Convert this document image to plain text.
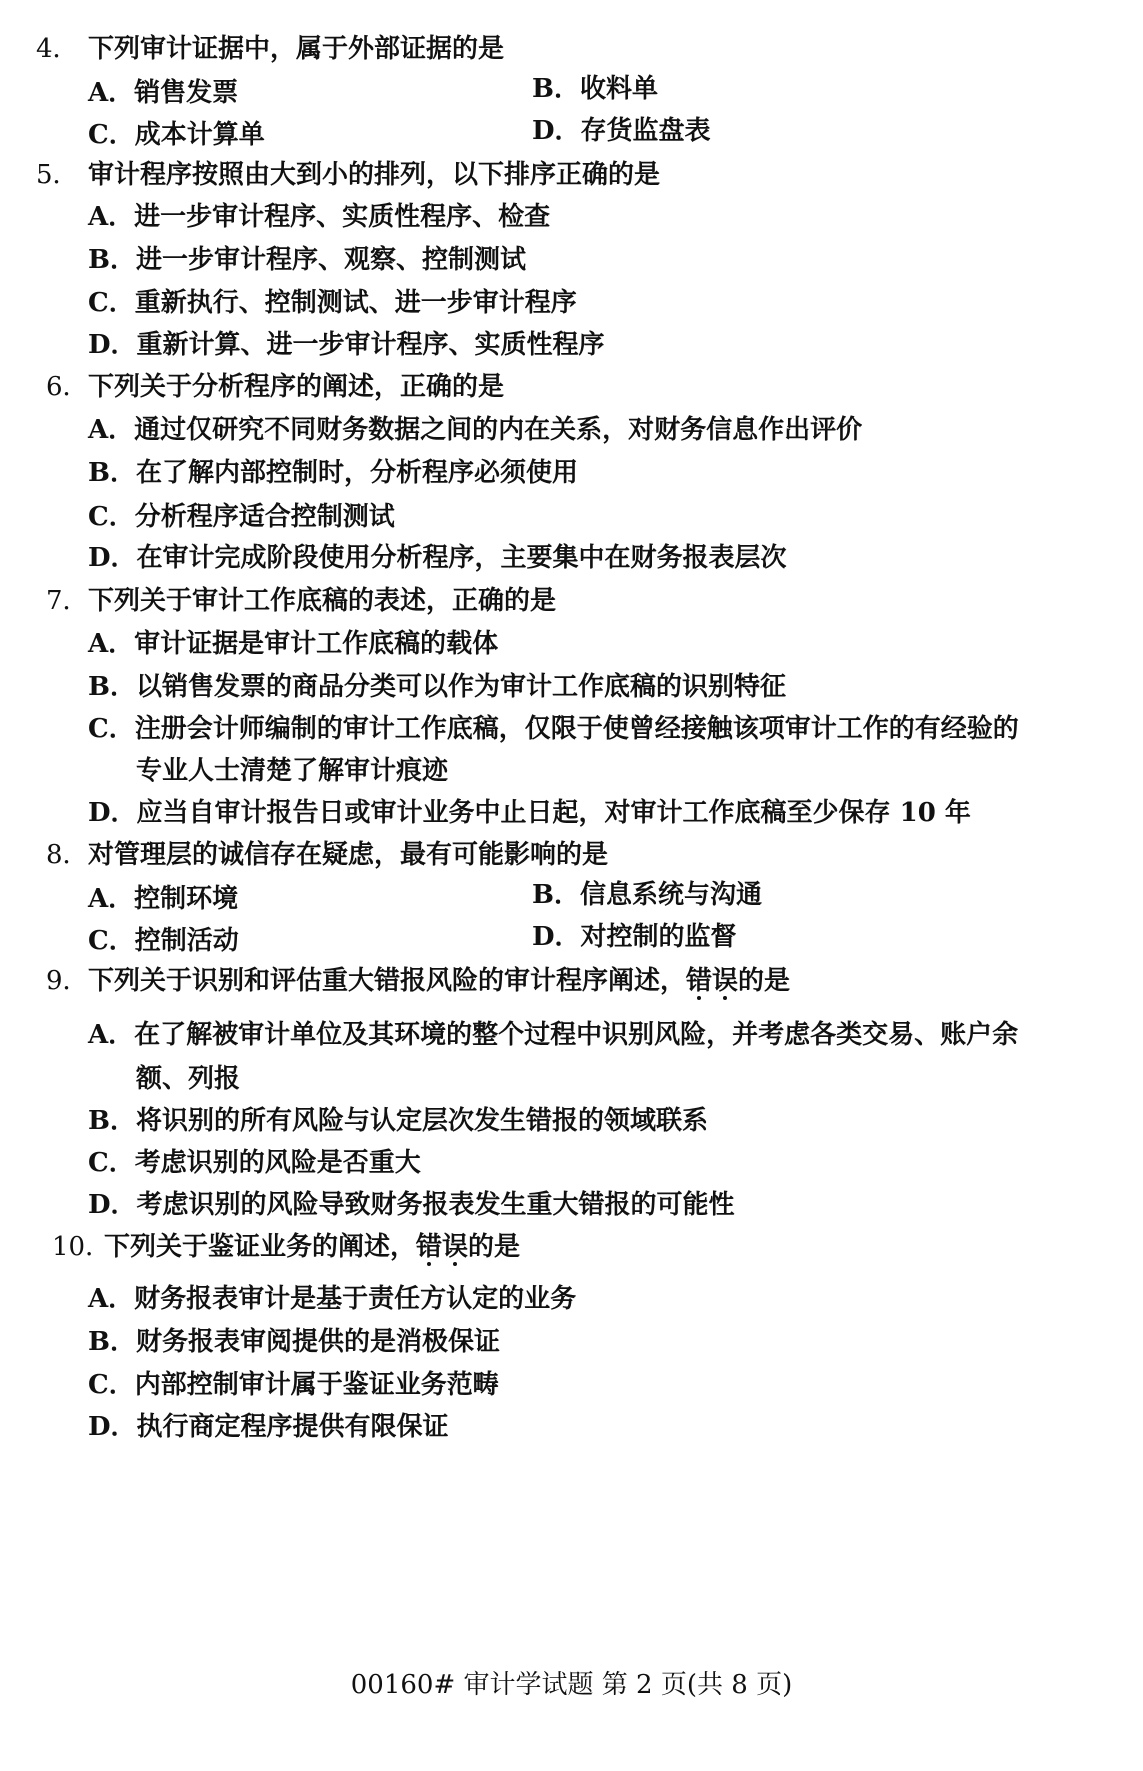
4． 下列审计证据中，属于外部证据的是
A．销售发票	B．收料单
C．成本计算单	D．存货监盘表
5． 审计程序按照由大到小的排列，以下排序正确的是
A．进一步审计程序、实质性程序、检查
B．进一步审计程序、观察、控制测试
C．重新执行、控制测试、进一步审计程序
D．重新计算、进一步审计程序、实质性程序
6．下列关于分析程序的阐述，正确的是
A．通过仅研究不同财务数据之间的内在关系，对财务信息作出评价
B．在了解内部控制时，分析程序必须使用
C．分析程序适合控制测试
D．在审计完成阶段使用分析程序，主要集中在财务报表层次
7．下列关于审计工作底稿的表述，正确的是
A．审计证据是审计工作底稿的载体
B．以销售发票的商品分类可以作为审计工作底稿的识别特征
C．注册会计师编制的审计工作底稿，仅限于使曾经接触该项审计工作的有经验的
专业人士清楚了解审计痕迹
D．应当自审计报告日或审计业务中止日起，对审计工作底稿至少保存 10 年
8．对管理层的诚信存在疑虑，最有可能影响的是
A．控制环境	B．信息系统与沟通
C．控制活动	D．对控制的监督
9．下列关于识别和评估重大错报风险的审计程序阐述，错误
的是
A．在了解被审计单位及其环境的整个过程中识别风险，并考虑各类交易、账户余
额、列报
B．将识别的所有风险与认定层次发生错报的领域联系
C．考虑识别的风险是否重大
D．考虑识别的风险导致财务报表发生重大错报的可能性
10．下列关于鉴证业务的阐述，错误
的是
A．财务报表审计是基于责任方认定的业务
B．财务报表审阅提供的是消极保证
C．内部控制审计属于鉴证业务范畴
D．执行商定程序提供有限保证
00160# 审计学试题 第 2 页(共 8 页)
